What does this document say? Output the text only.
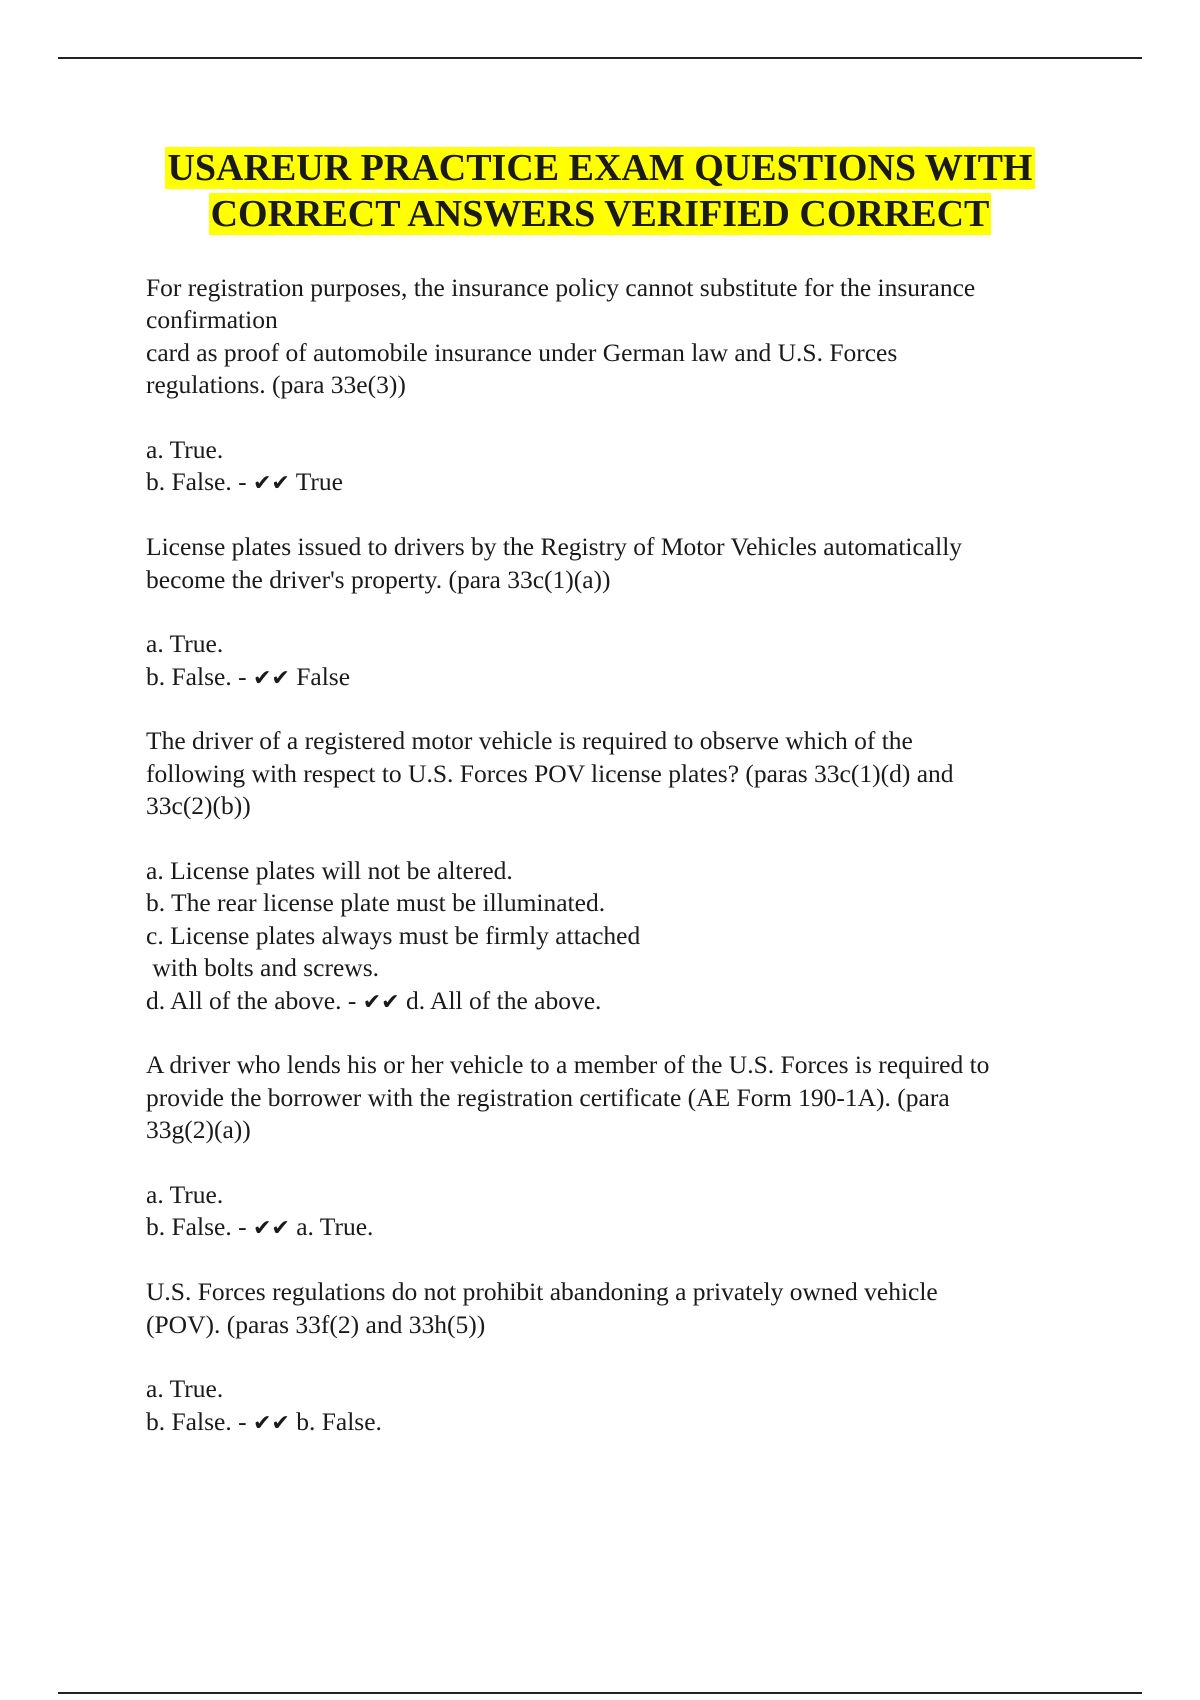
USAREUR PRACTICE EXAM QUESTIONS WITH
CORRECT ANSWERS VERIFIED CORRECT
For registration purposes, the insurance policy cannot substitute for the insurance
confirmation
card as proof of automobile insurance under German law and U.S. Forces
regulations. (para 33e(3))
a. True.
b. False. - ✔✔ True
License plates issued to drivers by the Registry of Motor Vehicles automatically
become the driver's property. (para 33c(1)(a))
a. True.
b. False. - ✔✔ False
The driver of a registered motor vehicle is required to observe which of the
following with respect to U.S. Forces POV license plates? (paras 33c(1)(d) and
33c(2)(b))
a. License plates will not be altered.
b. The rear license plate must be illuminated.
c. License plates always must be firmly attached
with bolts and screws.
d. All of the above. - ✔✔ d. All of the above.
A driver who lends his or her vehicle to a member of the U.S. Forces is required to
provide the borrower with the registration certificate (AE Form 190-1A). (para
33g(2)(a))
a. True.
b. False. - ✔✔ a. True.
U.S. Forces regulations do not prohibit abandoning a privately owned vehicle
(POV). (paras 33f(2) and 33h(5))
a. True.
b. False. - ✔✔ b. False.
